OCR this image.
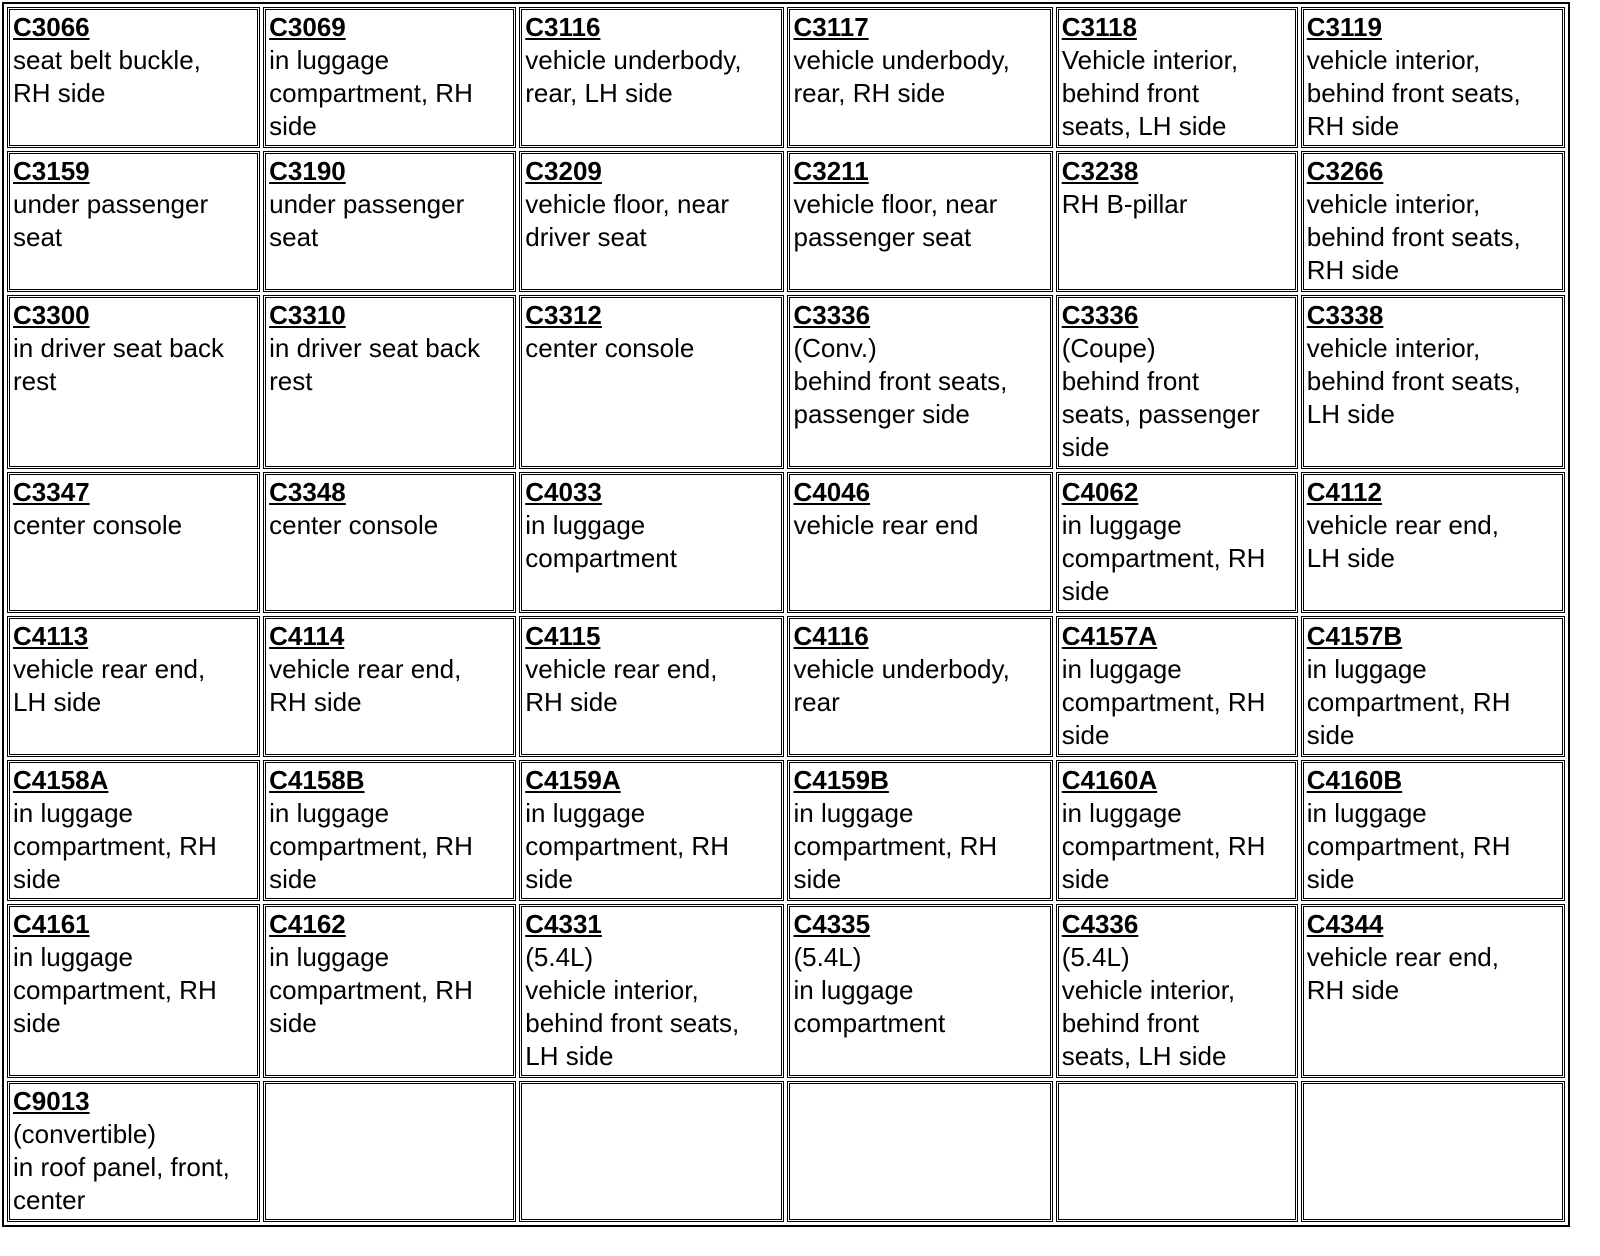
C3066
seat belt buckle,
RH side	C3069
in luggage
compartment, RH
side	C3116
vehicle underbody,
rear, LH side	C3117
vehicle underbody,
rear, RH side	C3118
Vehicle interior,
behind front
seats, LH side	C3119
vehicle interior,
behind front seats,
RH side

C3159
under passenger
seat	C3190
under passenger
seat	C3209
vehicle floor, near
driver seat	C3211
vehicle floor, near
passenger seat	C3238
RH B-pillar	C3266
vehicle interior,
behind front seats,
RH side

C3300
in driver seat back
rest	C3310
in driver seat back
rest	C3312
center console	C3336
(Conv.)
behind front seats,
passenger side	C3336
(Coupe)
behind front
seats, passenger
side	C3338
vehicle interior,
behind front seats,
LH side

C3347
center console	C3348
center console	C4033
in luggage
compartment	C4046
vehicle rear end	C4062
in luggage
compartment, RH
side	C4112
vehicle rear end,
LH side

C4113
vehicle rear end,
LH side	C4114
vehicle rear end,
RH side	C4115
vehicle rear end,
RH side	C4116
vehicle underbody,
rear	C4157A
in luggage
compartment, RH
side	C4157B
in luggage
compartment, RH
side

C4158A
in luggage
compartment, RH
side	C4158B
in luggage
compartment, RH
side	C4159A
in luggage
compartment, RH
side	C4159B
in luggage
compartment, RH
side	C4160A
in luggage
compartment, RH
side	C4160B
in luggage
compartment, RH
side

C4161
in luggage
compartment, RH
side	C4162
in luggage
compartment, RH
side	C4331
(5.4L)
vehicle interior,
behind front seats,
LH side	C4335
(5.4L)
in luggage
compartment	C4336
(5.4L)
vehicle interior,
behind front
seats, LH side	C4344
vehicle rear end,
RH side

C9013
(convertible)
in roof panel, front,
center					
